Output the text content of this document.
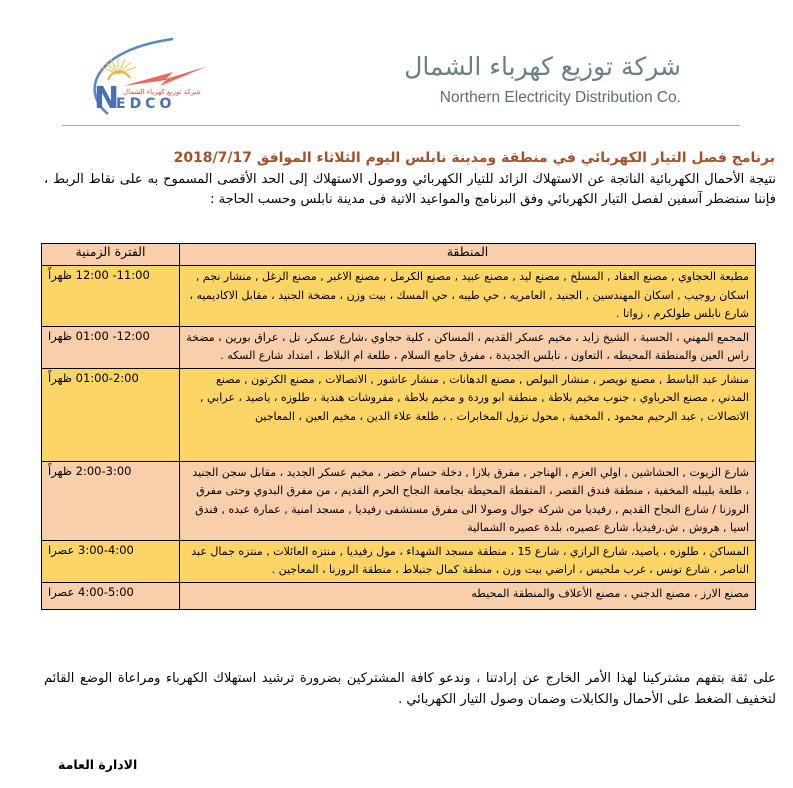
N
EDCO
شركة توزيع كهرباء الشمال
شركة توزيع كهرباء الشمال
Northern Electricity Distribution Co.
برنامج فصل التيار الكهربائي في منطقة ومدينة نابلس اليوم الثلاثاء الموافق 2018/7/17
نتيجة الأحمال الكهربائية الناتجة عن الاستهلاك الزائد للتيار الكهربائي ووصول الاستهلاك إلى الحد الأقصى المسموح به على نقاط الربط ، فإننا سنضطر آسفين لفصل التيار الكهربائي وفق البرنامج والمواعيد الاتية فى مدينة نابلس وحسب الحاجة :
المنطقة	الفترة الزمنية
مطبعة الحجاوي , مصنع العقاد , المسلخ , مصنع ليد , مصنع عبيد , مصنع الكرمل , مصنع الاغبر , مصنع الزغل , منشار نجم , اسكان روجيب , اسكان المهندسين , الجنيد , العامريه ، حي طيبه ، حي المسك ، بيت وزن ، مضخة الجنيد ، مقابل الاكاديميه ، شارع نابلس طولكرم ، زواتا .	11:00- 12:00 ظهراً
المجمع المهني ، الحسبة ، الشيخ زايد ، مخيم عسكر القديم ، المساكن ، كلية حجاوي ،شارع عسكر، تل ، عراق بورين ، مضخة راس العين والمنطقة المحيطه ، التعاون ، نابلس الجديدة ، مفرق جامع السلام ، طلعة ام البلاط ، امتداد شارع السكه .	12:00- 01:00 ظهرا
منشار عبد الباسط , مصنع نويصر , منشار البولص , مصنع الدهانات , منشار عاشور , الاتصالات , مصنع الكرتون , مصنع المدني , مصنع الحرباوي ، جنوب مخيم بلاطة , منطقة ابو وردة و مخيم بلاطة , مفروشات هندية ، طلوزه ، ياصيد ، عرابي , الاتصالات , عبد الرحيم محمود , المخفية , محول نزول المخابرات . ، طلعة علاء الدين ، مخيم العين ، المعاجين	01:00-2:00 ظهراً
شارع الزيوت , الحشاشين , اولي العزم , الهناجر , مفرق بلازا , دخلة حسام خضر ، مخيم عسكر الجديد ، مقابل سجن الجنيد ، طلعة بليبله المخفية ، منطقة فندق القصر ، المنقطة المحيطة بجامعة النجاح الحرم القديم ، من مفرق البدوي وحتى مفرق الروزنا / شارع النجاح القديم , رفيديا من شركة جوال وصولا الى مفرق مستشفى رفيديا , مسجد امنية , عمارة عبده , فندق اسيا , هروش , ش.رفيديا، شارع عصيره، بلدة عصيره الشمالية	2:00-3:00 ظهراً
المساكن ، طلوزه ، ياصيد، شارع الرازي ، شارع 15 ، منطقة مسجد الشهداء ، مول رفيديا , منتزه العائلات , منتزه جمال عبد الناصر ، شارع تونس ، غرب ملحيس ، اراضي بيت وزن ، منطقة كمال جنبلاط ، منطقة الروزنا ، المعاجين .	3:00-4:00 عصرا
مصنع الارز ، مصنع الدجني ، مصنع الأعلاف والمنطقة المحيطه	4:00-5:00 عصرا
على ثقة بتفهم مشتركينا لهذا الأمر الخارج عن إرادتنا ، وندعو كافة المشتركين بضرورة ترشيد استهلاك الكهرباء ومراعاة الوضع القائم لتخفيف الضغط على الأحمال والكابلات وضمان وصول التيار الكهربائي .
الادارة العامة
